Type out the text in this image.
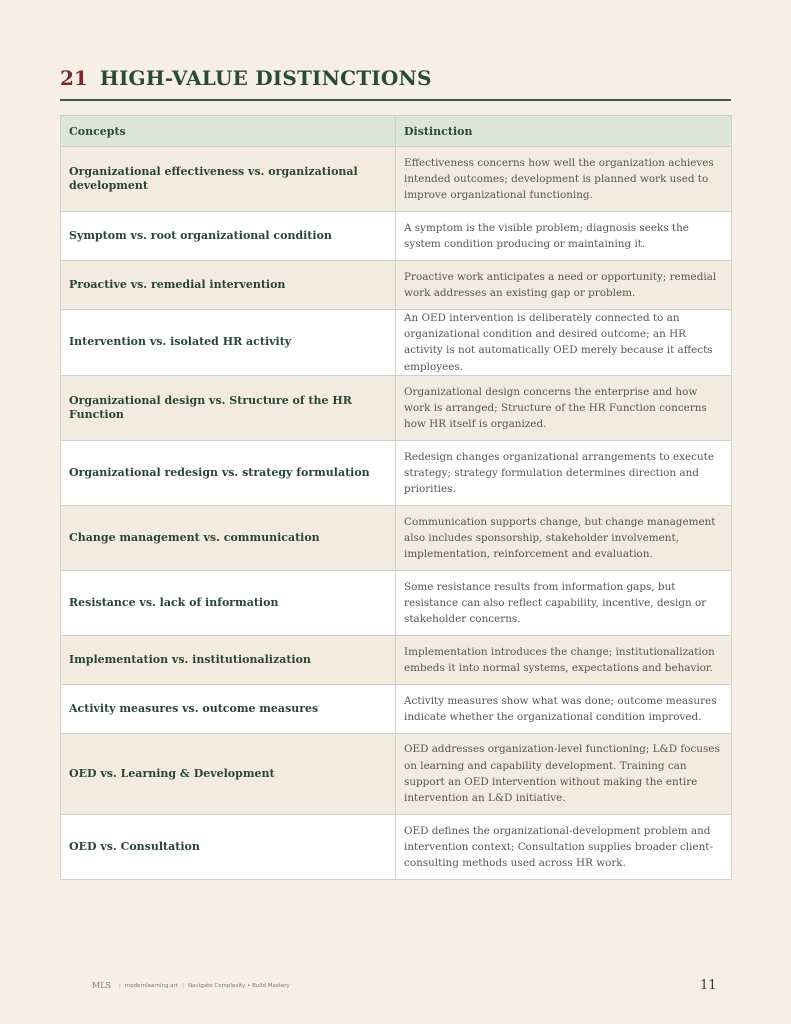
21 HIGH-VALUE DISTINCTIONS
Concepts	Distinction
Organizational effectiveness vs. organizational development	Effectiveness concerns how well the organization achieves intended outcomes; development is planned work used to improve organizational functioning.
Symptom vs. root organizational condition	A symptom is the visible problem; diagnosis seeks the system condition producing or maintaining it.
Proactive vs. remedial intervention	Proactive work anticipates a need or opportunity; remedial work addresses an existing gap or problem.
Intervention vs. isolated HR activity	An OED intervention is deliberately connected to an organizational condition and desired outcome; an HR activity is not automatically OED merely because it affects employees.
Organizational design vs. Structure of the HR Function	Organizational design concerns the enterprise and how work is arranged; Structure of the HR Function concerns how HR itself is organized.
Organizational redesign vs. strategy formulation	Redesign changes organizational arrangements to execute strategy; strategy formulation determines direction and priorities.
Change management vs. communication	Communication supports change, but change management also includes sponsorship, stakeholder involvement, implementation, reinforcement and evaluation.
Resistance vs. lack of information	Some resistance results from information gaps, but resistance can also reflect capability, incentive, design or stakeholder concerns.
Implementation vs. institutionalization	Implementation introduces the change; institutionalization embeds it into normal systems, expectations and behavior.
Activity measures vs. outcome measures	Activity measures show what was done; outcome measures indicate whether the organizational condition improved.
OED vs. Learning & Development	OED addresses organization-level functioning; L&D focuses on learning and capability development. Training can support an OED intervention without making the entire intervention an L&D initiative.
OED vs. Consultation	OED defines the organizational-development problem and intervention context; Consultation supplies broader client-consulting methods used across HR work.
MLS | modernlearning.art | Navigate Complexity • Build Mastery	11
